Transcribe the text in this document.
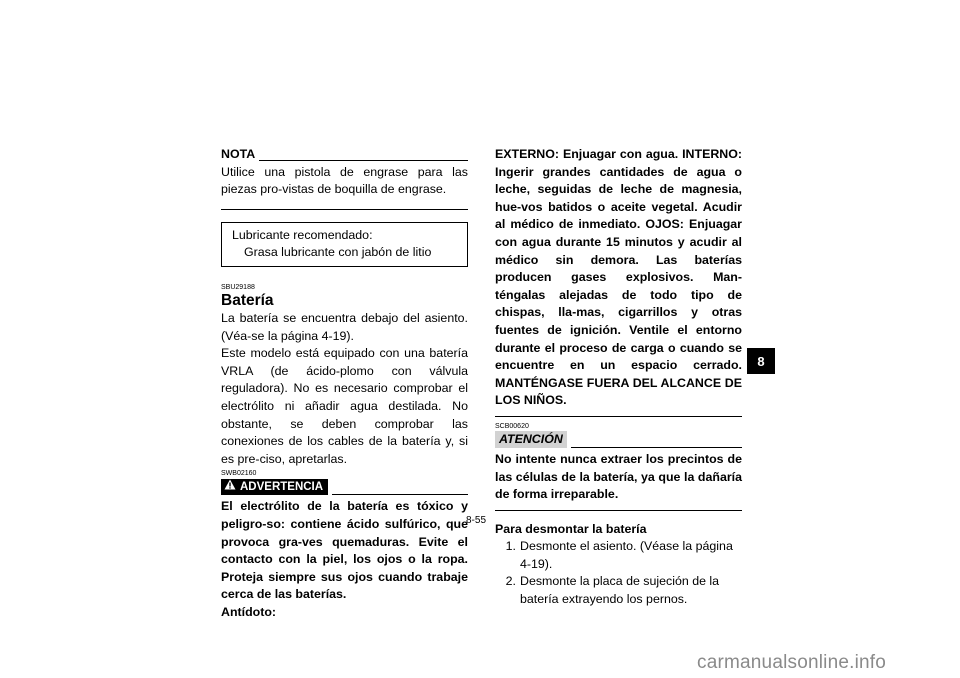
NOTA
Utilice una pistola de engrase para las piezas pro-vistas de boquilla de engrase.
Lubricante recomendado:
Grasa lubricante con jabón de litio
SBU29188
Batería
La batería se encuentra debajo del asiento. (Véa-se la página 4-19).
Este modelo está equipado con una batería VRLA (de ácido-plomo con válvula reguladora). No es necesario comprobar el electrólito ni añadir agua destilada. No obstante, se deben comprobar las conexiones de los cables de la batería y, si es pre-ciso, apretarlas.
SWB02160
ADVERTENCIA
El electrólito de la batería es tóxico y peligro-so: contiene ácido sulfúrico, que provoca gra-ves quemaduras. Evite el contacto con la piel, los ojos o la ropa. Proteja siempre sus ojos cuando trabaje cerca de las baterías.
Antídoto:
EXTERNO: Enjuagar con agua. INTERNO: Ingerir grandes cantidades de agua o leche, seguidas de leche de magnesia, hue-vos batidos o aceite vegetal. Acudir al médico de inmediato. OJOS: Enjuagar con agua durante 15 minutos y acudir al médico sin demora. Las baterías producen gases explosivos. Man-téngalas alejadas de todo tipo de chispas, lla-mas, cigarrillos y otras fuentes de ignición. Ventile el entorno durante el proceso de carga o cuando se encuentre en un espacio cerrado. MANTÉNGASE FUERA DEL ALCANCE DE LOS NIÑOS.
SCB00620
ATENCIÓN
No intente nunca extraer los precintos de las células de la batería, ya que la dañaría de forma irreparable.
Para desmontar la batería
1. Desmonte el asiento. (Véase la página 4-19).
2. Desmonte la placa de sujeción de la batería extrayendo los pernos.
8
8-55
carmanualsonline.info
